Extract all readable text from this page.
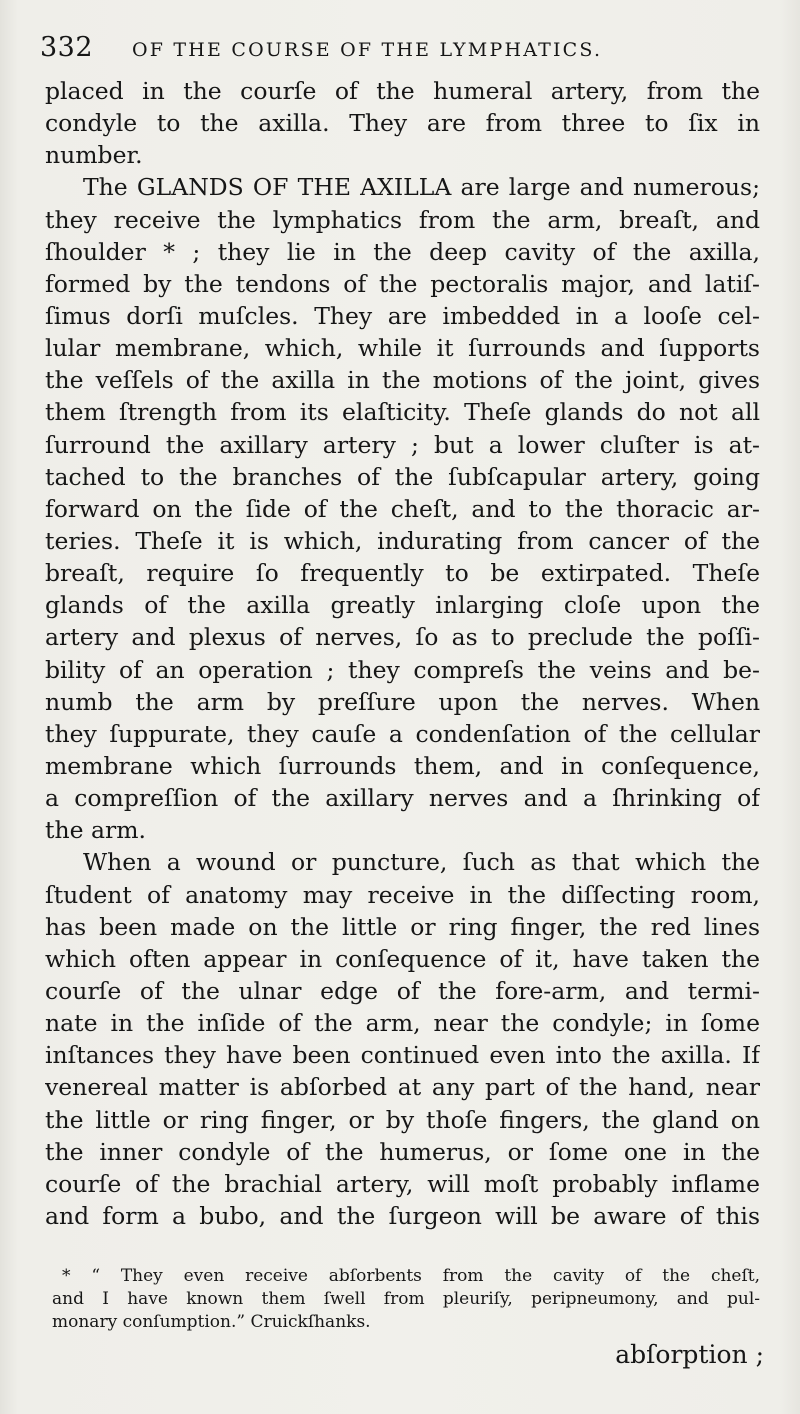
332 OF THE COURSE OF THE LYMPHATICS.
placed in the courſe of the humeral artery, from the
condyle to the axilla. They are from three to ſix in
number.
The GLANDS OF THE AXILLA are large and numerous;
they receive the lymphatics from the arm, breaſt, and
ſhoulder * ; they lie in the deep cavity of the axilla,
formed by the tendons of the pectoralis major, and latiſ-
ſimus dorſi muſcles. They are imbedded in a looſe cel-
lular membrane, which, while it ſurrounds and ſupports
the veſſels of the axilla in the motions of the joint, gives
them ſtrength from its elaſticity. Theſe glands do not all
ſurround the axillary artery ; but a lower cluſter is at-
tached to the branches of the ſubſcapular artery, going
forward on the ſide of the cheſt, and to the thoracic ar-
teries. Theſe it is which, indurating from cancer of the
breaſt, require ſo frequently to be extirpated. Theſe
glands of the axilla greatly inlarging cloſe upon the
artery and plexus of nerves, ſo as to preclude the poſſi-
bility of an operation ; they compreſs the veins and be-
numb the arm by preſſure upon the nerves. When
they ſuppurate, they cauſe a condenſation of the cellular
membrane which ſurrounds them, and in conſequence,
a compreſſion of the axillary nerves and a ſhrinking of
the arm.
When a wound or puncture, ſuch as that which the
ſtudent of anatomy may receive in the diſſecting room,
has been made on the little or ring finger, the red lines
which often appear in conſequence of it, have taken the
courſe of the ulnar edge of the fore-arm, and termi-
nate in the inſide of the arm, near the condyle; in ſome
inſtances they have been continued even into the axilla. If
venereal matter is abſorbed at any part of the hand, near
the little or ring finger, or by thoſe fingers, the gland on
the inner condyle of the humerus, or ſome one in the
courſe of the brachial artery, will moſt probably inflame
and form a bubo, and the ſurgeon will be aware of this
* “ They even receive abſorbents from the cavity of the cheſt,
and I have known them ſwell from pleuriſy, peripneumony, and pul-
monary conſumption.” Cruickſhanks.
abſorption ;
